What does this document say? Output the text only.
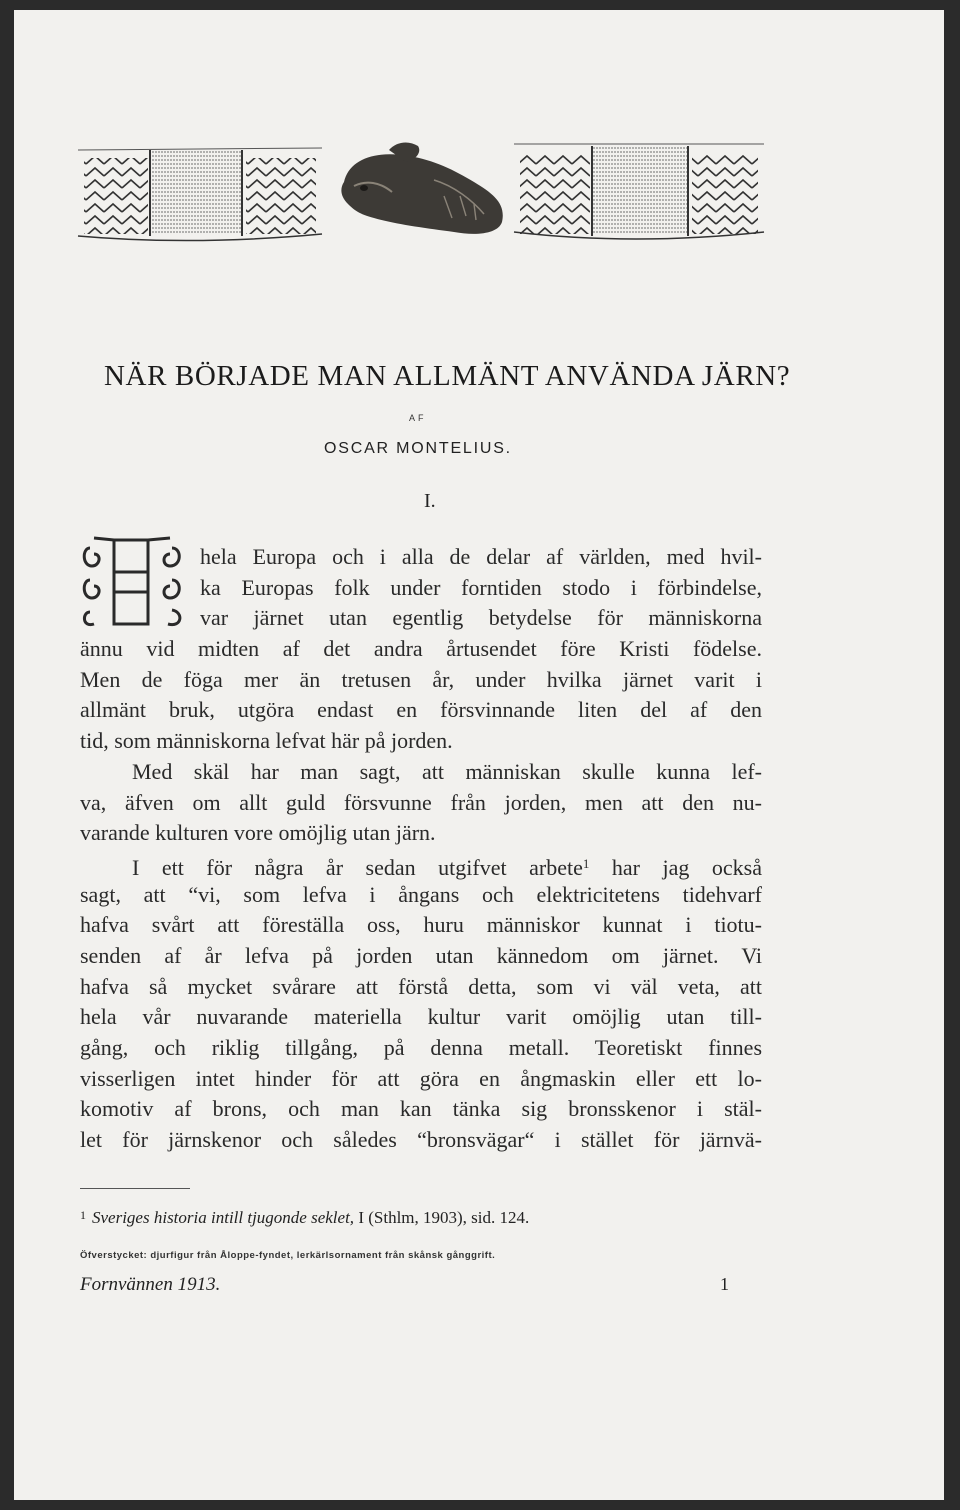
NÄR BÖRJADE MAN ALLMÄNT ANVÄNDA JÄRN?
AF
OSCAR MONTELIUS.
I.
hela Europa och i alla de delar af världen, med hvil-
ka Europas folk under forntiden stodo i förbindelse,
var järnet utan egentlig betydelse för människorna
ännu vid midten af det andra årtusendet före Kristi födelse.
Men de föga mer än tretusen år, under hvilka järnet varit i
allmänt bruk, utgöra endast en försvinnande liten del af den
tid, som människorna lefvat här på jorden.
Med skäl har man sagt, att människan skulle kunna lef-
va, äfven om allt guld försvunne från jorden, men att den nu-
varande kulturen vore omöjlig utan järn.
I ett för några år sedan utgifvet arbete$^1$ har jag också
sagt, att “vi, som lefva i ångans och elektricitetens tidehvarf
hafva svårt att föreställa oss, huru människor kunnat i tiotu-
senden af år lefva på jorden utan kännedom om järnet. Vi
hafva så mycket svårare att förstå detta, som vi väl veta, att
hela vår nuvarande materiella kultur varit omöjlig utan till-
gång, och riklig tillgång, på denna metall. Teoretiskt finnes
visserligen intet hinder för att göra en ångmaskin eller ett lo-
komotiv af brons, och man kan tänka sig bronsskenor i stäl-
let för järnskenor och således “bronsvägar“ i stället för järnvä-
$^1$ Sveriges historia intill tjugonde seklet, I (Sthlm, 1903), sid. 124.
Öfverstycket: djurfigur från Åloppe-fyndet, lerkärlsornament från skånsk gånggrift.
Fornvännen 1913.	1
